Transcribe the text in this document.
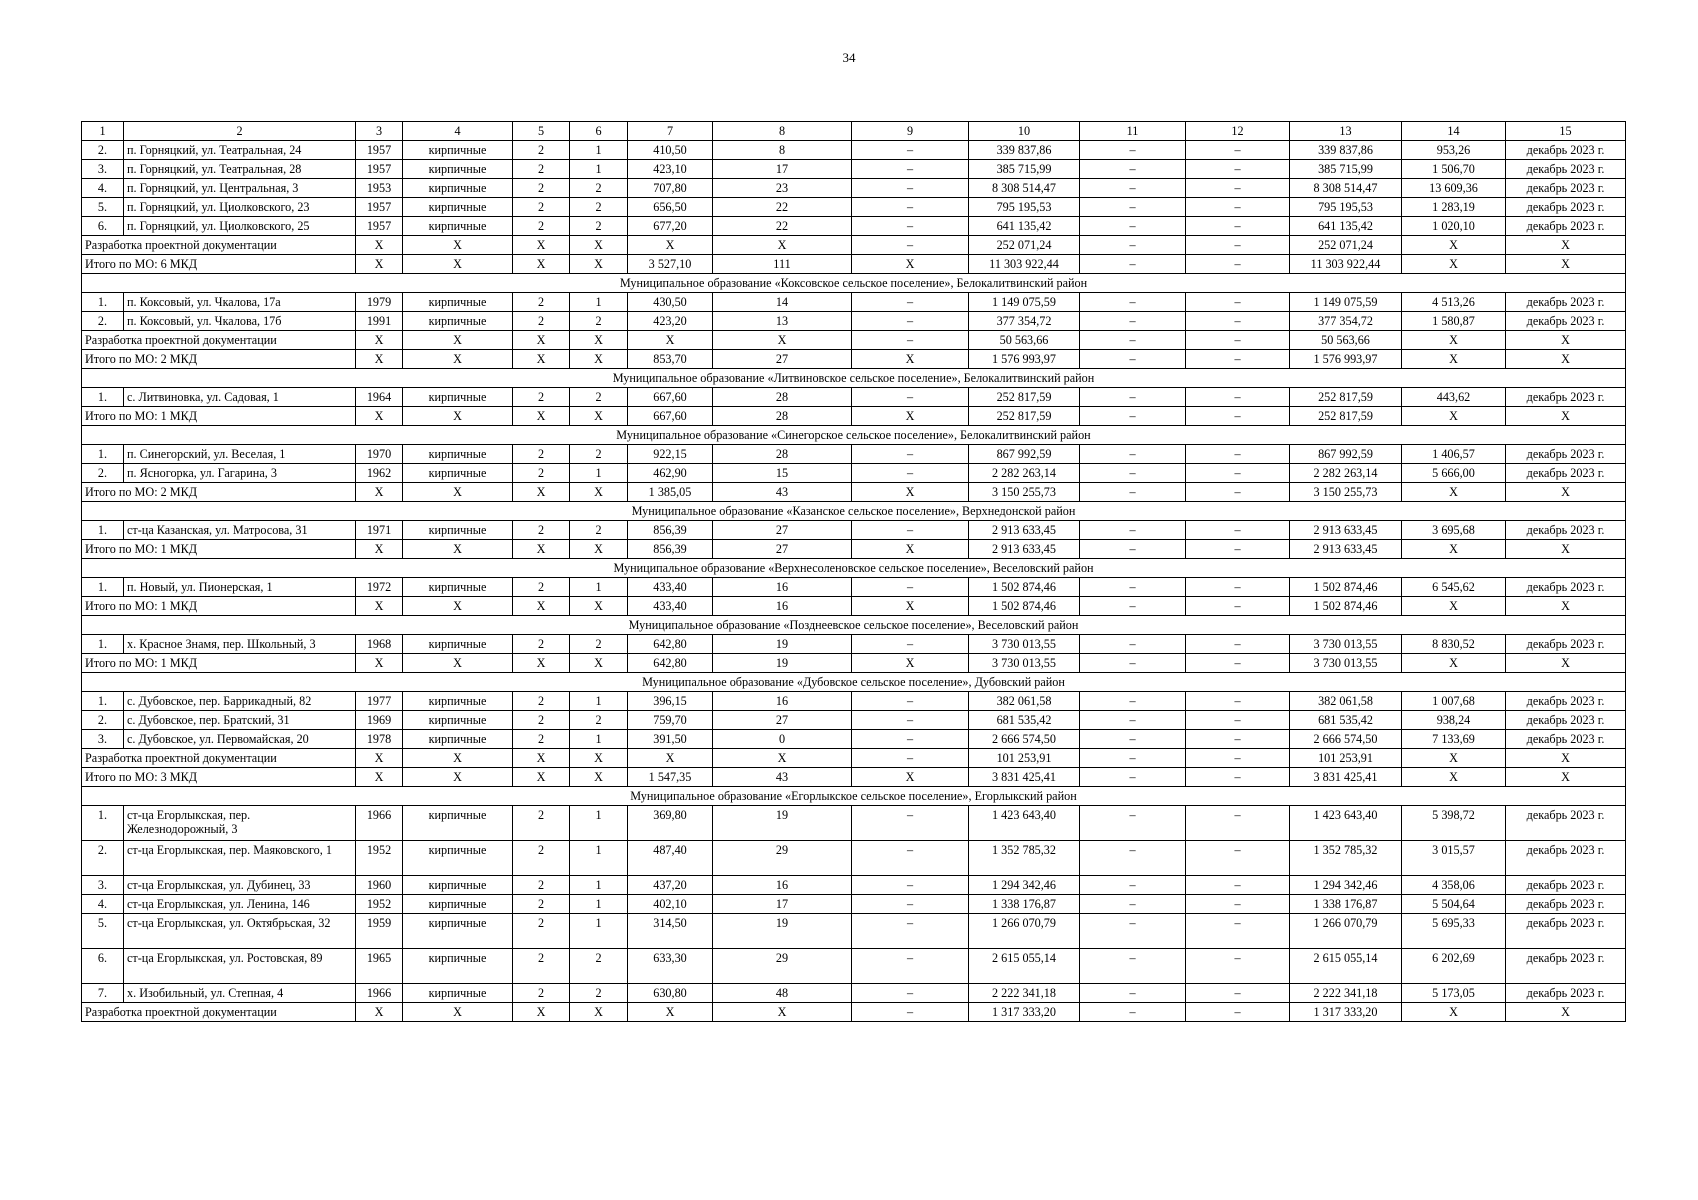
34
1	2	3	4	5	6	7	8	9	10	11	12	13	14	15
2.	п. Горняцкий, ул. Театральная, 24	1957	кирпичные	2	1	410,50	8	–	339 837,86	–	–	339 837,86	953,26	декабрь 2023 г.
3.	п. Горняцкий, ул. Театральная, 28	1957	кирпичные	2	1	423,10	17	–	385 715,99	–	–	385 715,99	1 506,70	декабрь 2023 г.
4.	п. Горняцкий, ул. Центральная, 3	1953	кирпичные	2	2	707,80	23	–	8 308 514,47	–	–	8 308 514,47	13 609,36	декабрь 2023 г.
5.	п. Горняцкий, ул. Циолковского, 23	1957	кирпичные	2	2	656,50	22	–	795 195,53	–	–	795 195,53	1 283,19	декабрь 2023 г.
6.	п. Горняцкий, ул. Циолковского, 25	1957	кирпичные	2	2	677,20	22	–	641 135,42	–	–	641 135,42	1 020,10	декабрь 2023 г.
Разработка проектной документации		X	X	X	X	X	X	–	252 071,24	–	–	252 071,24	X	X
Итого по МО: 6 МКД		X	X	X	X	3 527,10	111	X	11 303 922,44	–	–	11 303 922,44	X	X
Муниципальное образование «Коксовское сельское поселение», Белокалитвинский район														
1.	п. Коксовый, ул. Чкалова, 17а	1979	кирпичные	2	1	430,50	14	–	1 149 075,59	–	–	1 149 075,59	4 513,26	декабрь 2023 г.
2.	п. Коксовый, ул. Чкалова, 17б	1991	кирпичные	2	2	423,20	13	–	377 354,72	–	–	377 354,72	1 580,87	декабрь 2023 г.
Разработка проектной документации		X	X	X	X	X	X	–	50 563,66	–	–	50 563,66	X	X
Итого по МО: 2 МКД		X	X	X	X	853,70	27	X	1 576 993,97	–	–	1 576 993,97	X	X
Муниципальное образование «Литвиновское сельское поселение», Белокалитвинский район														
1.	с. Литвиновка, ул. Садовая, 1	1964	кирпичные	2	2	667,60	28	–	252 817,59	–	–	252 817,59	443,62	декабрь 2023 г.
Итого по МО: 1 МКД		X	X	X	X	667,60	28	X	252 817,59	–	–	252 817,59	X	X
Муниципальное образование «Синегорское сельское поселение», Белокалитвинский район														
1.	п. Синегорский, ул. Веселая, 1	1970	кирпичные	2	2	922,15	28	–	867 992,59	–	–	867 992,59	1 406,57	декабрь 2023 г.
2.	п. Ясногорка, ул. Гагарина, 3	1962	кирпичные	2	1	462,90	15	–	2 282 263,14	–	–	2 282 263,14	5 666,00	декабрь 2023 г.
Итого по МО: 2 МКД		X	X	X	X	1 385,05	43	X	3 150 255,73	–	–	3 150 255,73	X	X
Муниципальное образование «Казанское сельское поселение», Верхнедонской район														
1.	ст-ца Казанская, ул. Матросова, 31	1971	кирпичные	2	2	856,39	27	–	2 913 633,45	–	–	2 913 633,45	3 695,68	декабрь 2023 г.
Итого по МО: 1 МКД		X	X	X	X	856,39	27	X	2 913 633,45	–	–	2 913 633,45	X	X
Муниципальное образование «Верхнесоленовское сельское поселение», Веселовский район														
1.	п. Новый, ул. Пионерская, 1	1972	кирпичные	2	1	433,40	16	–	1 502 874,46	–	–	1 502 874,46	6 545,62	декабрь 2023 г.
Итого по МО: 1 МКД		X	X	X	X	433,40	16	X	1 502 874,46	–	–	1 502 874,46	X	X
Муниципальное образование «Позднеевское сельское поселение», Веселовский район														
1.	х. Красное Знамя, пер. Школьный, 3	1968	кирпичные	2	2	642,80	19	–	3 730 013,55	–	–	3 730 013,55	8 830,52	декабрь 2023 г.
Итого по МО: 1 МКД		X	X	X	X	642,80	19	X	3 730 013,55	–	–	3 730 013,55	X	X
Муниципальное образование «Дубовское сельское поселение», Дубовский район														
1.	с. Дубовское, пер. Баррикадный, 82	1977	кирпичные	2	1	396,15	16	–	382 061,58	–	–	382 061,58	1 007,68	декабрь 2023 г.
2.	с. Дубовское, пер. Братский, 31	1969	кирпичные	2	2	759,70	27	–	681 535,42	–	–	681 535,42	938,24	декабрь 2023 г.
3.	с. Дубовское, ул. Первомайская, 20	1978	кирпичные	2	1	391,50	0	–	2 666 574,50	–	–	2 666 574,50	7 133,69	декабрь 2023 г.
Разработка проектной документации		X	X	X	X	X	X	–	101 253,91	–	–	101 253,91	X	X
Итого по МО: 3 МКД		X	X	X	X	1 547,35	43	X	3 831 425,41	–	–	3 831 425,41	X	X
Муниципальное образование «Егорлыкское сельское поселение», Егорлыкский район														
1.	ст-ца Егорлыкская, пер. Железнодорожный, 3	1966	кирпичные	2	1	369,80	19	–	1 423 643,40	–	–	1 423 643,40	5 398,72	декабрь 2023 г.
2.	ст-ца Егорлыкская, пер. Маяковского, 1	1952	кирпичные	2	1	487,40	29	–	1 352 785,32	–	–	1 352 785,32	3 015,57	декабрь 2023 г.
3.	ст-ца Егорлыкская, ул. Дубинец, 33	1960	кирпичные	2	1	437,20	16	–	1 294 342,46	–	–	1 294 342,46	4 358,06	декабрь 2023 г.
4.	ст-ца Егорлыкская, ул. Ленина, 146	1952	кирпичные	2	1	402,10	17	–	1 338 176,87	–	–	1 338 176,87	5 504,64	декабрь 2023 г.
5.	ст-ца Егорлыкская, ул. Октябрьская, 32	1959	кирпичные	2	1	314,50	19	–	1 266 070,79	–	–	1 266 070,79	5 695,33	декабрь 2023 г.
6.	ст-ца Егорлыкская, ул. Ростовская, 89	1965	кирпичные	2	2	633,30	29	–	2 615 055,14	–	–	2 615 055,14	6 202,69	декабрь 2023 г.
7.	х. Изобильный, ул. Степная, 4	1966	кирпичные	2	2	630,80	48	–	2 222 341,18	–	–	2 222 341,18	5 173,05	декабрь 2023 г.
Разработка проектной документации		X	X	X	X	X	X	–	1 317 333,20	–	–	1 317 333,20	X	X
